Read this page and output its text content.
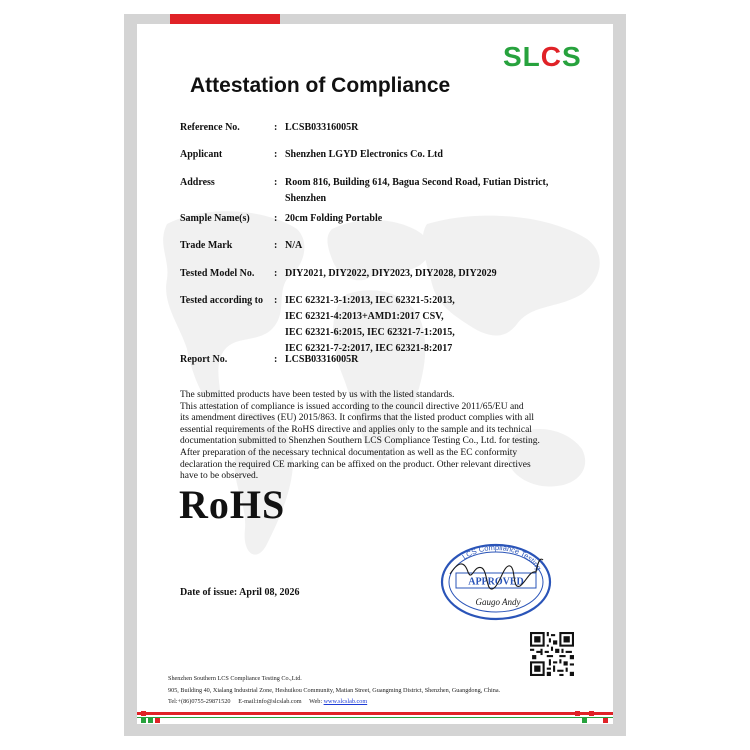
SLCS
Attestation of Compliance
Reference No.	: LCSB03316005R
Applicant	: Shenzhen LGYD Electronics Co. Ltd
Address	: Room 816, Building 614, Bagua Second Road, Futian District,
Shenzhen
Sample Name(s)	: 20cm Folding Portable
Trade Mark	: N/A
Tested Model No.	: DIY2021, DIY2022, DIY2023, DIY2028, DIY2029
Tested according to	: IEC 62321-3-1:2013, IEC 62321-5:2013,
IEC 62321-4:2013+AMD1:2017 CSV,
IEC 62321-6:2015, IEC 62321-7-1:2015,
IEC 62321-7-2:2017, IEC 62321-8:2017
Report No.	: LCSB03316005R
The submitted products have been tested by us with the listed standards.
This attestation of compliance is issued according to the council directive 2011/65/EU and
its amendment directives (EU) 2015/863. It confirms that the listed product complies with all
essential requirements of the RoHS directive and applies only to the sample and its technical
documentation submitted to Shenzhen Southern LCS Compliance Testing Co., Ltd. for testing.
After preparation of the necessary technical documentation as well as the EC conformity
declaration the required CE marking can be affixed on the product. Other relevant directives
have to be observed.
RoHS
Date of issue: April 08, 2026
LCS Compliance Testing
APPROVED
Gaugo Andy
Shenzhen Southern LCS Compliance Testing Co.,Ltd.
905, Building 40, Xialang Industrial Zone, Heshuikou Community, Matian Street, Guangming District, Shenzhen, Guangdong, China.
Tel:+(86)0755-29871520 E-mail:info@slcslab.com Web: www.slcslab.com
